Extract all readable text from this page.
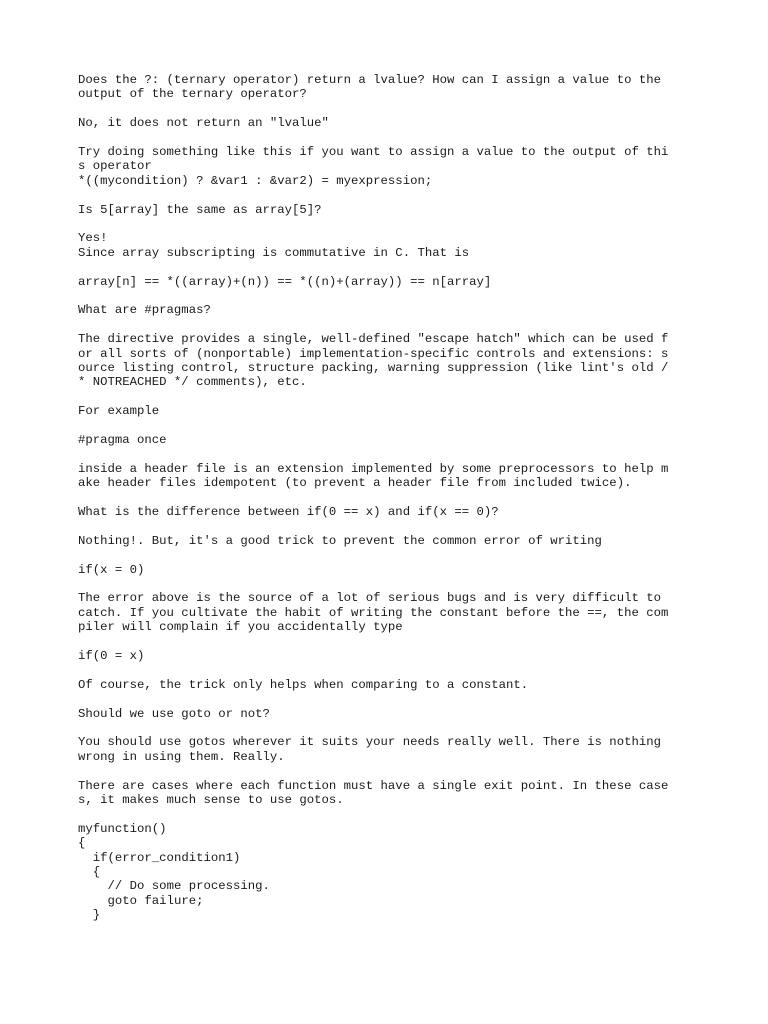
Does the ?: (ternary operator) return a lvalue? How can I assign a value to the
output of the ternary operator?

No, it does not return an "lvalue"

Try doing something like this if you want to assign a value to the output of thi
s operator
*((mycondition) ? &var1 : &var2) = myexpression;

Is 5[array] the same as array[5]?

Yes!
Since array subscripting is commutative in C. That is

array[n] == *((array)+(n)) == *((n)+(array)) == n[array]

What are #pragmas?

The directive provides a single, well-defined "escape hatch" which can be used f
or all sorts of (nonportable) implementation-specific controls and extensions: s
ource listing control, structure packing, warning suppression (like lint's old /
* NOTREACHED */ comments), etc.

For example

#pragma once

inside a header file is an extension implemented by some preprocessors to help m
ake header files idempotent (to prevent a header file from included twice).

What is the difference between if(0 == x) and if(x == 0)?

Nothing!. But, it's a good trick to prevent the common error of writing

if(x = 0)

The error above is the source of a lot of serious bugs and is very difficult to
catch. If you cultivate the habit of writing the constant before the ==, the com
piler will complain if you accidentally type

if(0 = x)

Of course, the trick only helps when comparing to a constant.

Should we use goto or not?

You should use gotos wherever it suits your needs really well. There is nothing
wrong in using them. Really.

There are cases where each function must have a single exit point. In these case
s, it makes much sense to use gotos.

myfunction()
{
if(error_condition1)
{
// Do some processing.
goto failure;
}
